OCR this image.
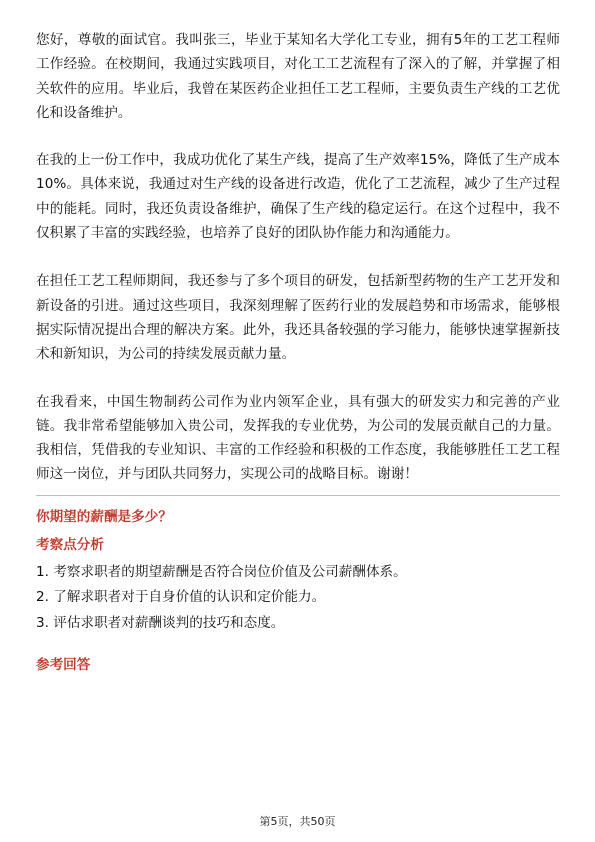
您好，尊敬的面试官。我叫张三，毕业于某知名大学化工专业，拥有5年的工艺工程师工作经验。在校期间，我通过实践项目，对化工工艺流程有了深入的了解，并掌握了相关软件的应用。毕业后，我曾在某医药企业担任工艺工程师，主要负责生产线的工艺优化和设备维护。

在我的上一份工作中，我成功优化了某生产线，提高了生产效率15%，降低了生产成本10%。具体来说，我通过对生产线的设备进行改造，优化了工艺流程，减少了生产过程中的能耗。同时，我还负责设备维护，确保了生产线的稳定运行。在这个过程中，我不仅积累了丰富的实践经验，也培养了良好的团队协作能力和沟通能力。

在担任工艺工程师期间，我还参与了多个项目的研发，包括新型药物的生产工艺开发和新设备的引进。通过这些项目，我深刻理解了医药行业的发展趋势和市场需求，能够根据实际情况提出合理的解决方案。此外，我还具备较强的学习能力，能够快速掌握新技术和新知识，为公司的持续发展贡献力量。

在我看来，中国生物制药公司作为业内领军企业，具有强大的研发实力和完善的产业链。我非常希望能够加入贵公司，发挥我的专业优势，为公司的发展贡献自己的力量。我相信，凭借我的专业知识、丰富的工作经验和积极的工作态度，我能够胜任工艺工程师这一岗位，并与团队共同努力，实现公司的战略目标。谢谢！

你期望的薪酬是多少？
考察点分析
1. 考察求职者的期望薪酬是否符合岗位价值及公司薪酬体系。
2. 了解求职者对于自身价值的认识和定价能力。
3. 评估求职者对薪酬谈判的技巧和态度。
参考回答
第5页，共50页
